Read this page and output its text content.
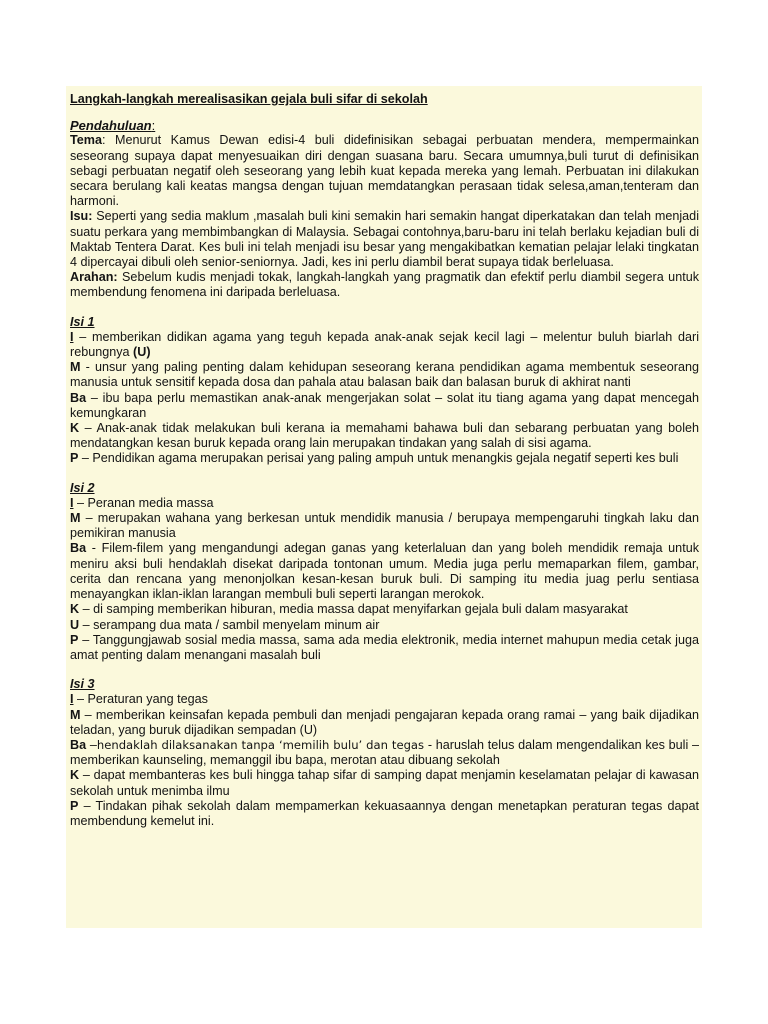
Langkah-langkah merealisasikan gejala buli sifar di sekolah

Pendahuluan:

Tema: Menurut Kamus Dewan edisi-4 buli didefinisikan sebagai perbuatan mendera, mempermainkan seseorang supaya dapat menyesuaikan diri dengan suasana baru. Secara umumnya,buli turut di definisikan sebagi perbuatan negatif oleh seseorang yang lebih kuat kepada mereka yang lemah. Perbuatan ini dilakukan secara berulang kali keatas mangsa dengan tujuan memdatangkan perasaan tidak selesa,aman,tenteram dan harmoni.

Isu: Seperti yang sedia maklum ,masalah buli kini semakin hari semakin hangat diperkatakan dan telah menjadi suatu perkara yang membimbangkan di Malaysia. Sebagai contohnya,baru-baru ini telah berlaku kejadian buli di Maktab Tentera Darat. Kes buli ini telah menjadi isu besar yang mengakibatkan kematian pelajar lelaki tingkatan 4 dipercayai dibuli oleh senior-seniornya. Jadi, kes ini perlu diambil berat supaya tidak berleluasa.

Arahan: Sebelum kudis menjadi tokak, langkah-langkah yang pragmatik dan efektif perlu diambil segera untuk membendung fenomena ini daripada berleluasa.

Isi 1

I – memberikan didikan agama yang teguh kepada anak-anak sejak kecil lagi – melentur buluh biarlah dari rebungnya (U)

M - unsur yang paling penting dalam kehidupan seseorang kerana pendidikan agama membentuk seseorang manusia untuk sensitif kepada dosa dan pahala atau balasan baik dan balasan buruk di akhirat nanti

Ba – ibu bapa perlu memastikan anak-anak mengerjakan solat – solat itu tiang agama yang dapat mencegah kemungkaran

K – Anak-anak tidak melakukan buli kerana ia memahami bahawa buli dan sebarang perbuatan yang boleh mendatangkan kesan buruk kepada orang lain merupakan tindakan yang salah di sisi agama.

P – Pendidikan agama merupakan perisai yang paling ampuh untuk menangkis gejala negatif seperti kes buli

Isi 2

I – Peranan media massa

M – merupakan wahana yang berkesan untuk mendidik manusia / berupaya mempengaruhi tingkah laku dan pemikiran manusia

Ba - Filem-filem yang mengandungi adegan ganas yang keterlaluan dan yang boleh mendidik remaja untuk meniru aksi buli hendaklah disekat daripada tontonan umum. Media juga perlu memaparkan filem, gambar, cerita dan rencana yang menonjolkan kesan-kesan buruk buli. Di samping itu media juag perlu sentiasa menayangkan iklan-iklan larangan membuli buli seperti larangan merokok.

K – di samping memberikan hiburan, media massa dapat menyifarkan gejala buli dalam masyarakat

U – serampang dua mata / sambil menyelam minum air

P – Tanggungjawab sosial media massa, sama ada media elektronik, media internet mahupun media cetak juga amat penting dalam menangani masalah buli

Isi 3

I – Peraturan yang tegas

M – memberikan keinsafan kepada pembuli dan menjadi pengajaran kepada orang ramai – yang baik dijadikan teladan, yang buruk dijadikan sempadan (U)

Ba –hendaklah dilaksanakan tanpa ‘memilih bulu’ dan tegas - haruslah telus dalam mengendalikan kes buli – memberikan kaunseling, memanggil ibu bapa, merotan atau dibuang sekolah

K – dapat membanteras kes buli hingga tahap sifar di samping dapat menjamin keselamatan pelajar di kawasan sekolah untuk menimba ilmu

P – Tindakan pihak sekolah dalam mempamerkan kekuasaannya dengan menetapkan peraturan tegas dapat membendung kemelut ini.
